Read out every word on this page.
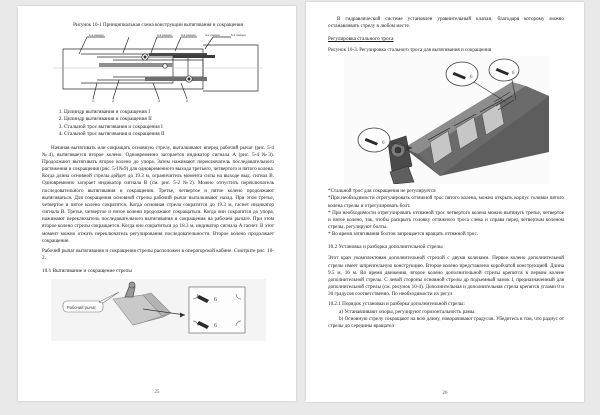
Рисунок 10-1 Принципиальная схема конструкции вытягивания и сокращения
1-я секция	2-я секция	3-я секция	4-я секция	5-я секция
1	2	3	4
1. Цилиндр вытягивания и сокращения I
2. Цилиндр вытягивания и сокращения II
3. Стальной трос вытягивания и сокращения I
4. Стальной трос вытягивания и сокращения II

Начиная вытягивать или сокращать основную стрелу, выталкивают вперед рабочий рычаг (рис. 5-4 №4), вытягивается второе колено. Одновременно загорается индикатор сигнала A (рис. 5-4 №3). Продолжают вытягивать второе колено до упора. Затем нажимают переключатель последовательного растяжения и сокращения (рис. 5-1№9) для одновременного выхода третьего, четвертого и пятого колена. Когда длина основной стрелы дойдет до 19.3 м, ограничитель момента силы на выходе выд. сигнал B. Одновременно загорает индикатор сигнала B (см. рис. 5-2 №2). Можно отпустить переключатель последовательного вытягивания и сокращения. Третье, четвертое и пятое колено продолжают вытягиваться. Для сокращения основной стрелы рабочий рычаг выталкивают назад. При этом третье, четвертое и пятое колено сократятся. Когда основная стрела сократится до 19.3 м, гаснет индикатор сигнала B. Третье, четвертое и пятое колени продолжают сокращаться. Когда они сократятся до упора, нажимают переключатель последовательного вытягивания и сокращения на рабочем рычаге. При этом второе колено стрелы сокращается. Когда оно сократиться до 18.3 м, индикатор сигнала A гаснет. В этот момент можно отжать переключатель регулирования последовательности. Второе колено продолжает сокращение.

Рабочий рычаг вытягивания и сокращения стрелы расположен в операторской кабине. Смотрите рис. 10-2.

10.1 Вытягивание и сокращение стрелы

Рабочий рычаг
6
6
25

В гидравлической системе установлен уравнительный клапан, благодаря которому можно останавливать стрелу в любом месте.

Регулировка стального троса

Рисунок 10-3. Регулировка стального троса для вытягивания и сокращения
6
6
6

*Стальной трос для сокращения не регулируется

*При необходимости отрегулировать оттяжной трос пятого колена, можно открыть корпус головки пятого колена стрелы и отрегулировать болт.

* При необходимости отрегулировать оттяжной трос четвертого колена можно вытянуть третье, четвертое и пятое колено, так, чтобы раскрыть головку оттяжного троса слева и справа перед четвертым коленом стрелы, регулируют болты.

* Во время затягивания болтов запрещается вращать оттяжной трос.

10.2 Установка и разборка дополнительной стрелы

Этот кран укомплектован дополнительной стрелой с двумя коленами. Первое колено дополнительной стрелы имеет шпренгельную конструкцию. Второе колено представлено коробчатой конструкцией. Длина 9.5 м, 16 м. Во время движения, второе колено дополнительной стрелы крепится в первом колене дополнительной стрелы. С левой стороны основной стрелы др подъемный замок I, предназначенный для дополнительной стрелы (см. рисунок 10-4). Дополнительная и дополнительная стрела крепятся углами 0 и 30 градусов соответственно. По необходимости их регул

10.2.1 Порядок установки и разборка дополнительной стрелы:

a) Устанавливают опоры, регулируют горизонтальность рамы.

b) Основную стрелу сокращают на всю длину, поворачивают градусов. Убедитесь в том, что радиус от стрелы до середины вращател

26
